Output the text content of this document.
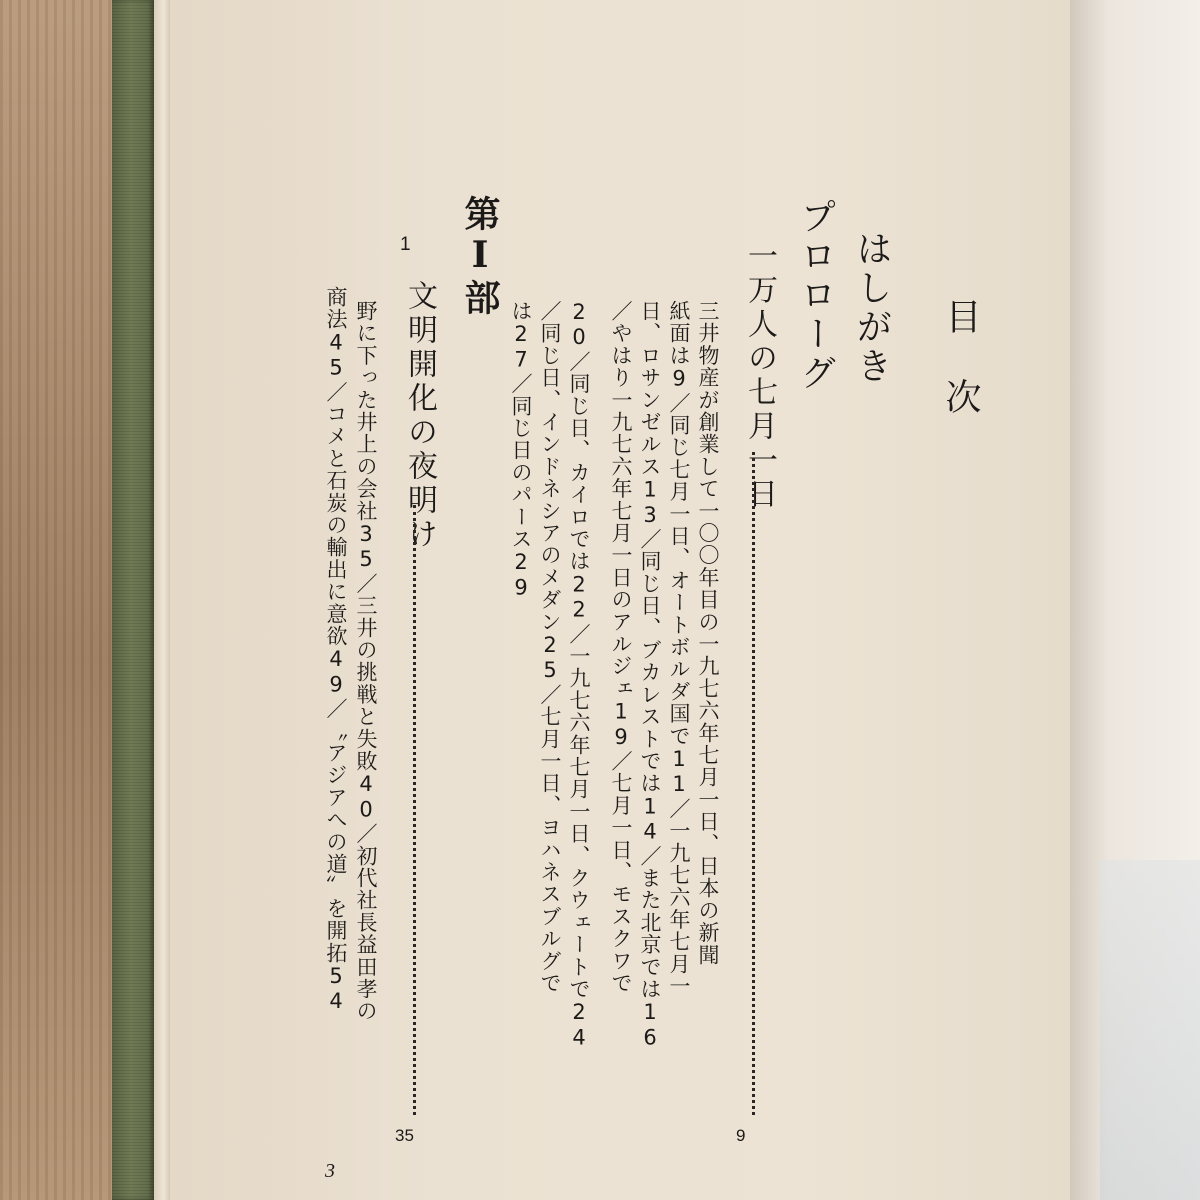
目次
はしがき
プロローグ
一万人の七月一日
9
三井物産が創業して一〇〇年目の一九七六年七月一日、日本の新聞
紙面は9／同じ七月一日、オートボルダ国で11／一九七六年七月一
日、ロサンゼルス13／同じ日、ブカレストでは14／また北京では16
／やはり一九七六年七月一日のアルジェ19／七月一日、モスクワで
20／同じ日、カイロでは22／一九七六年七月一日、クウェートで24
／同じ日、インドネシアのメダン25／七月一日、ヨハネスブルグで
は27／同じ日のパース29
第Ⅰ部
1
文明開化の夜明け
35
野に下った井上の会社35／三井の挑戦と失敗40／初代社長益田孝の
商法45／コメと石炭の輸出に意欲49／〝アジアへの道〟を開拓54
3
